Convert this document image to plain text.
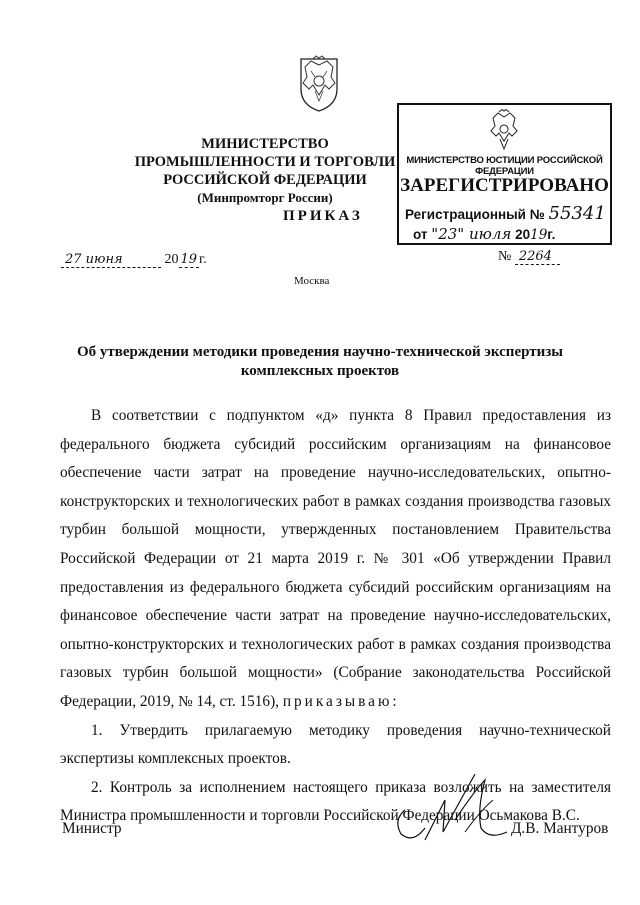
МИНИСТЕРСТВО ПРОМЫШЛЕННОСТИ И ТОРГОВЛИ
РОССИЙСКОЙ ФЕДЕРАЦИИ
(Минпромторг России)
МИНИСТЕРСТВО ЮСТИЦИИ РОССИЙСКОЙ ФЕДЕРАЦИИ
ЗАРЕГИСТРИРОВАНО
Регистрационный № 55341
от "23" июля 2019г.
ПРИКАЗ
27 июня	20 19 г.	№ 2264
Москва
Об утверждении методики проведения научно-технической экспертизы
комплексных проектов

В соответствии с подпунктом «д» пункта 8 Правил предоставления из федерального бюджета субсидий российским организациям на финансовое обеспечение части затрат на проведение научно-исследовательских, опытно-конструкторских и технологических работ в рамках создания производства газовых турбин большой мощности, утвержденных постановлением Правительства Российской Федерации от 21 марта 2019 г. № 301 «Об утверждении Правил предоставления из федерального бюджета субсидий российским организациям на финансовое обеспечение части затрат на проведение научно-исследовательских, опытно-конструкторских и технологических работ в рамках создания производства газовых турбин большой мощности» (Собрание законодательства Российской Федерации, 2019, № 14, ст. 1516), приказываю:

1. Утвердить прилагаемую методику проведения научно-технической экспертизы комплексных проектов.

2. Контроль за исполнением настоящего приказа возложить на заместителя Министра промышленности и торговли Российской Федерации Осьмакова В.С.

Министр	Д.В. Мантуров
